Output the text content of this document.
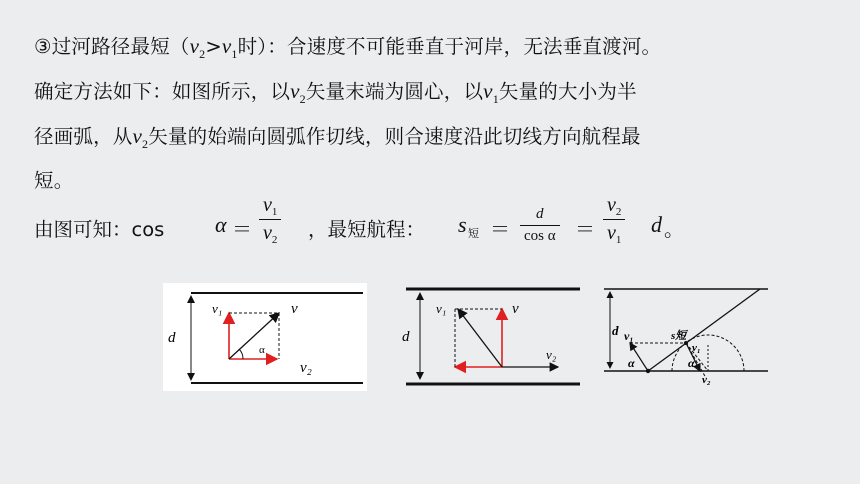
③过河路径最短（$v_2>v_1$时）：合速度不可能垂直于河岸，无法垂直渡河。
确定方法如下：如图所示，以$v_2$矢量末端为圆心，以$v_1$矢量的大小为半
径画弧，从$v_2$矢量的始端向圆弧作切线，则合速度沿此切线方向航程最
短。
由图可知：cos α ＝
$v_1$
$v_2$ ，最短航程： s 短 ＝
d
cos α ＝
$v_2$
$v_1$
d 。
d
v₁	v
α
v₂
d
v₁	v
v₂
d v₁	s短
v₁
α	α
v₂
